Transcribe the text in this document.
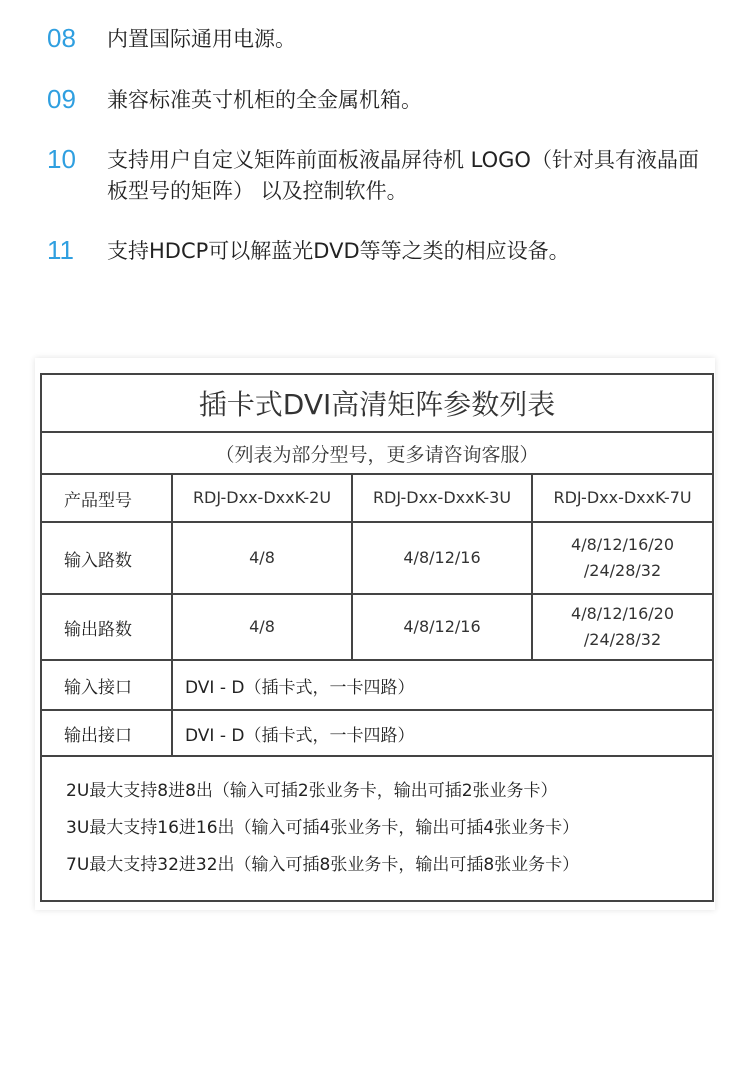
08 内置国际通用电源。
09 兼容标准英寸机柜的全金属机箱。
10 支持用户自定义矩阵前面板液晶屏待机 LOGO（针对具有液晶面板型号的矩阵） 以及控制软件。
11 支持HDCP可以解蓝光DVD等等之类的相应设备。
插卡式DVI高清矩阵参数列表			
（列表为部分型号，更多请咨询客服）			
产品型号	RDJ-Dxx-DxxK-2U	RDJ-Dxx-DxxK-3U	RDJ-Dxx-DxxK-7U
输入路数	4/8	4/8/12/16	4/8/12/16/20
/24/28/32
输出路数	4/8	4/8/12/16	4/8/12/16/20
/24/28/32
输入接口	DVI - D（插卡式，一卡四路）		
输出接口	DVI - D（插卡式，一卡四路）		

2U最大支持8进8出（输入可插2张业务卡，输出可插2张业务卡）
3U最大支持16进16出（输入可插4张业务卡，输出可插4张业务卡）
7U最大支持32进32出（输入可插8张业务卡，输出可插8张业务卡）			
